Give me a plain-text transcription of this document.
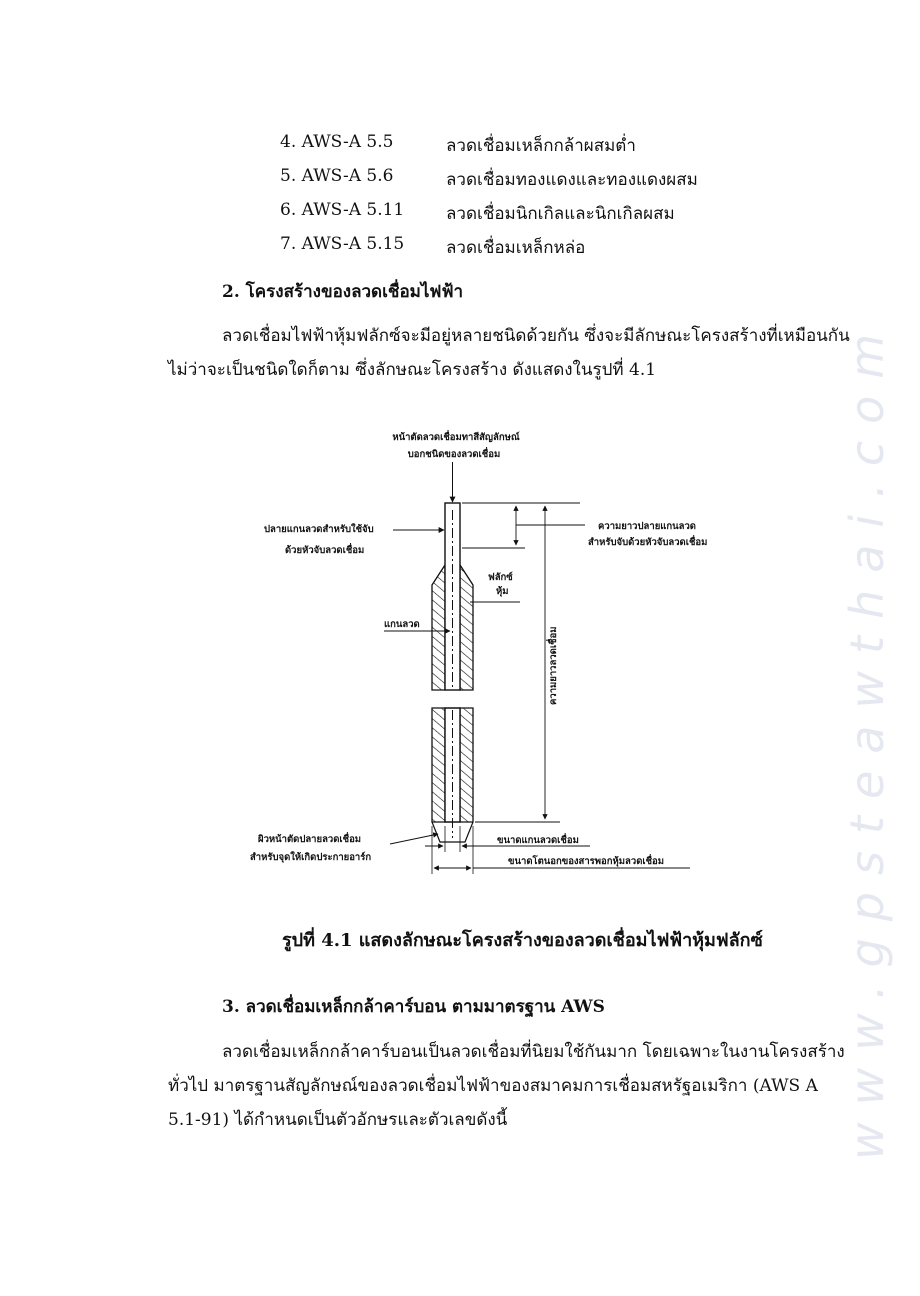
www.gpsteawthai.com
4. AWS-A 5.5	ลวดเชื่อมเหล็กกล้าผสมต่ำ
5. AWS-A 5.6	ลวดเชื่อมทองแดงและทองแดงผสม
6. AWS-A 5.11 ลวดเชื่อมนิกเกิลและนิกเกิลผสม
7. AWS-A 5.15 ลวดเชื่อมเหล็กหล่อ
2. โครงสร้างของลวดเชื่อมไฟฟ้า
ลวดเชื่อมไฟฟ้าหุ้มฟลักซ์จะมีอยู่หลายชนิดด้วยกัน ซึ่งจะมีลักษณะโครงสร้างที่เหมือนกัน
ไม่ว่าจะเป็นชนิดใดก็ตาม ซึ่งลักษณะโครงสร้าง ดังแสดงในรูปที่ 4.1
หน้าตัดลวดเชื่อมทาสีสัญลักษณ์
บอกชนิดของลวดเชื่อม
ปลายแกนลวดสำหรับใช้จับ
ด้วยหัวจับลวดเชื่อม
ความยาวปลายแกนลวด
สำหรับจับด้วยหัวจับลวดเชื่อม
ฟลักซ์
หุ้ม
แกนลวด
ความยาวลวดเชื่อม
ผิวหน้าตัดปลายลวดเชื่อม
สำหรับจุดให้เกิดประกายอาร์ก
ขนาดแกนลวดเชื่อม
ขนาดโตนอกของสารพอกหุ้มลวดเชื่อม
รูปที่ 4.1 แสดงลักษณะโครงสร้างของลวดเชื่อมไฟฟ้าหุ้มฟลักซ์
3. ลวดเชื่อมเหล็กกล้าคาร์บอน ตามมาตรฐาน AWS
ลวดเชื่อมเหล็กกล้าคาร์บอนเป็นลวดเชื่อมที่นิยมใช้กันมาก โดยเฉพาะในงานโครงสร้าง
ทั่วไป มาตรฐานสัญลักษณ์ของลวดเชื่อมไฟฟ้าของสมาคมการเชื่อมสหรัฐอเมริกา (AWS A
5.1-91) ได้กำหนดเป็นตัวอักษรและตัวเลขดังนี้
